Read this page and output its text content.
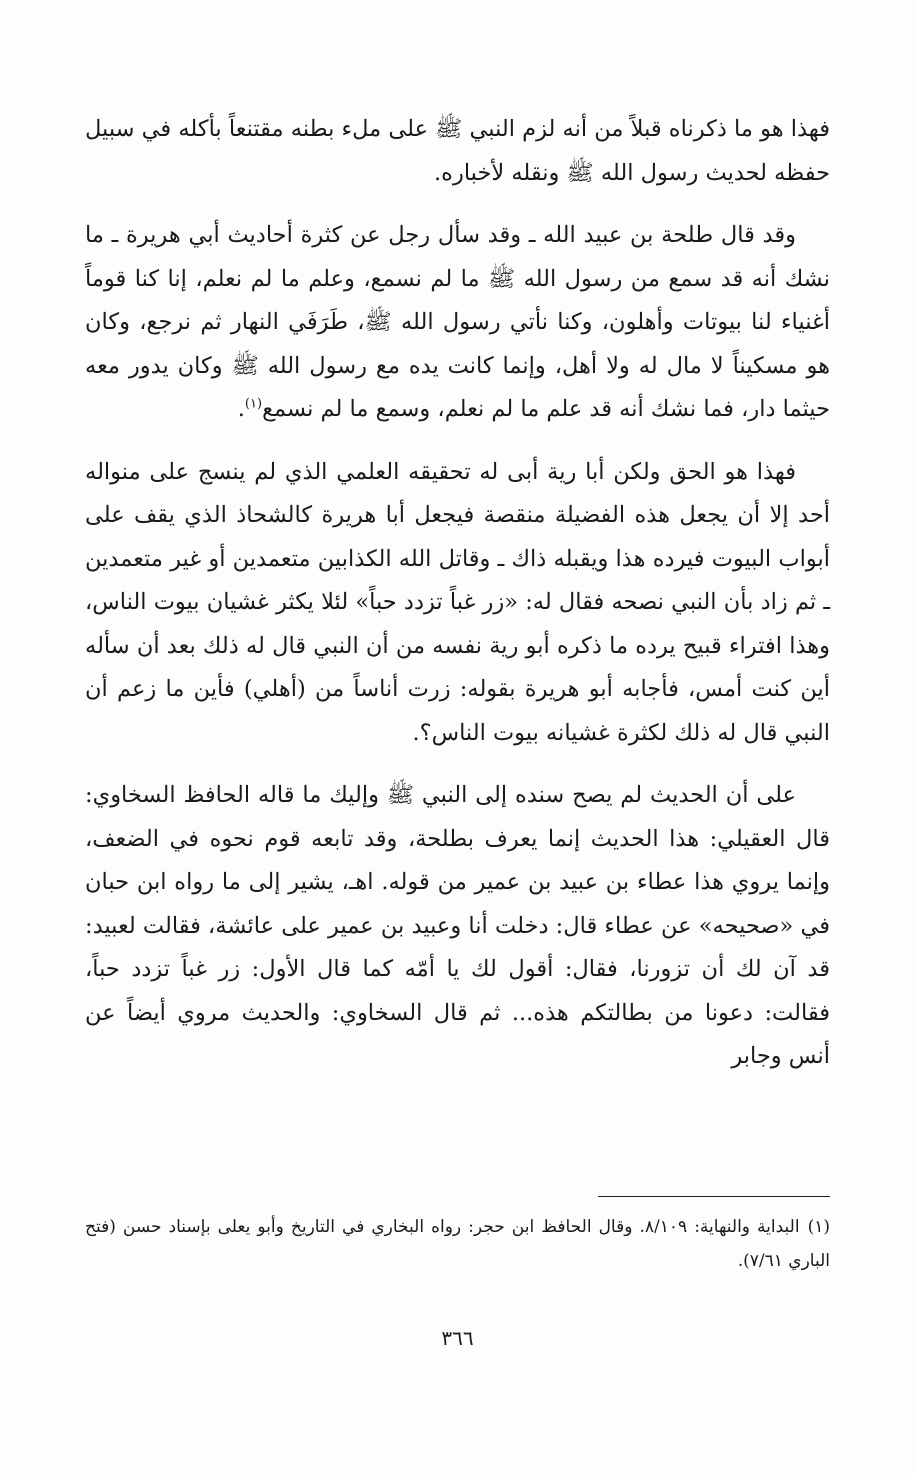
فهذا هو ما ذكرناه قبلاً من أنه لزم النبي ﷺ على ملء بطنه مقتنعاً بأكله في سبيل حفظه لحديث رسول الله ﷺ ونقله لأخباره.

وقد قال طلحة بن عبيد الله ـ وقد سأل رجل عن كثرة أحاديث أبي هريرة ـ ما نشك أنه قد سمع من رسول الله ﷺ ما لم نسمع، وعلم ما لم نعلم، إنا كنا قوماً أغنياء لنا بيوتات وأهلون، وكنا نأتي رسول الله ﷺ، طَرَفَي النهار ثم نرجع، وكان هو مسكيناً لا مال له ولا أهل، وإنما كانت يده مع رسول الله ﷺ وكان يدور معه حيثما دار، فما نشك أنه قد علم ما لم نعلم، وسمع ما لم نسمع$^{(١)}$.

فهذا هو الحق ولكن أبا رية أبى له تحقيقه العلمي الذي لم ينسج على منواله أحد إلا أن يجعل هذه الفضيلة منقصة فيجعل أبا هريرة كالشحاذ الذي يقف على أبواب البيوت فيرده هذا ويقبله ذاك ـ وقاتل الله الكذابين متعمدين أو غير متعمدين ـ ثم زاد بأن النبي نصحه فقال له: «زر غباً تزدد حباً» لئلا يكثر غشيان بيوت الناس، وهذا افتراء قبيح يرده ما ذكره أبو رية نفسه من أن النبي قال له ذلك بعد أن سأله أين كنت أمس، فأجابه أبو هريرة بقوله: زرت أناساً من (أهلي) فأين ما زعم أن النبي قال له ذلك لكثرة غشيانه بيوت الناس؟.

على أن الحديث لم يصح سنده إلى النبي ﷺ وإليك ما قاله الحافظ السخاوي: قال العقيلي: هذا الحديث إنما يعرف بطلحة، وقد تابعه قوم نحوه في الضعف، وإنما يروي هذا عطاء بن عبيد بن عمير من قوله. اهـ، يشير إلى ما رواه ابن حبان في «صحيحه» عن عطاء قال: دخلت أنا وعبيد بن عمير على عائشة، فقالت لعبيد: قد آن لك أن تزورنا، فقال: أقول لك يا أمّه كما قال الأول: زر غباً تزدد حباً، فقالت: دعونا من بطالتكم هذه... ثم قال السخاوي: والحديث مروي أيضاً عن أنس وجابر

(١)البداية والنهاية: ٨/١٠٩. وقال الحافظ ابن حجر: رواه البخاري في التاريخ وأبو يعلى بإسناد حسن (فتح الباري ٧/٦١).

٣٦٦
